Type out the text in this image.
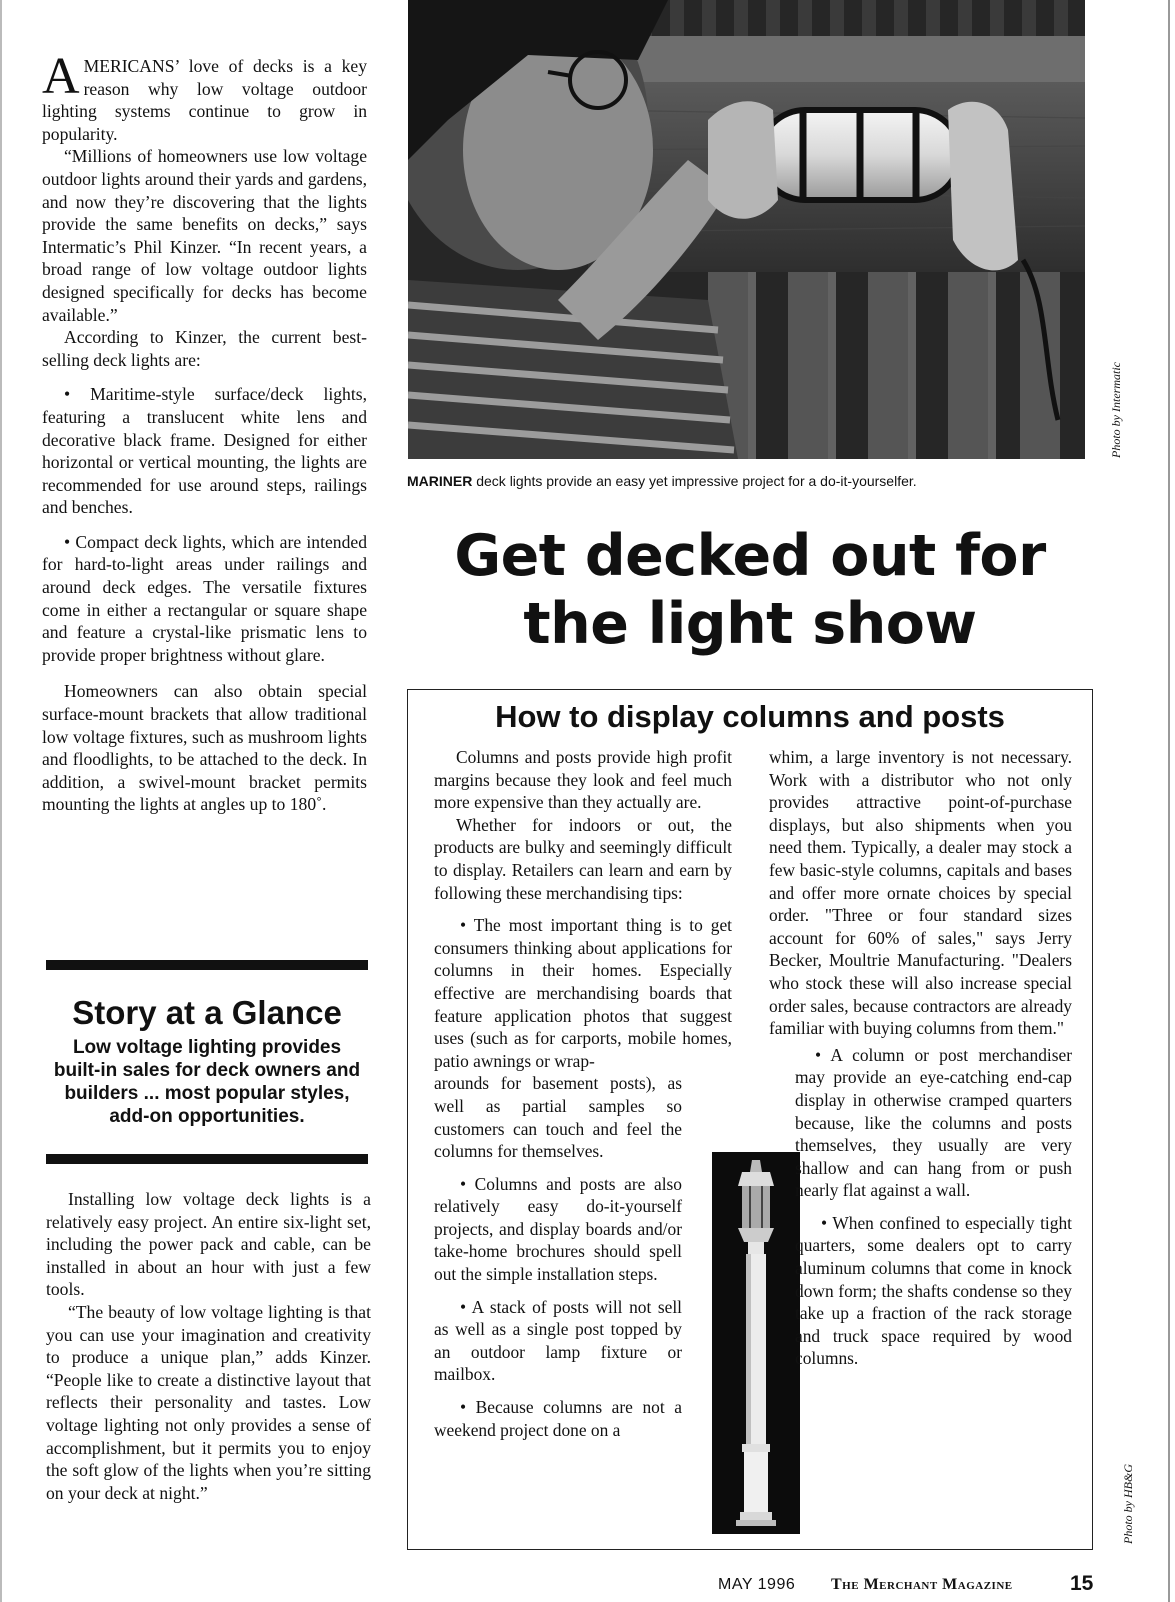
AMERICANS’ love of decks is a key reason why low voltage outdoor lighting systems continue to grow in popularity.

“Millions of homeowners use low voltage outdoor lights around their yards and gardens, and now they’re discovering that the lights provide the same benefits on decks,” says Intermatic’s Phil Kinzer. “In recent years, a broad range of low voltage outdoor lights designed specifically for decks has become available.”

According to Kinzer, the current best-selling deck lights are:

• Maritime-style surface/deck lights, featuring a translucent white lens and decorative black frame. Designed for either horizontal or vertical mounting, the lights are recommended for use around steps, railings and benches.

• Compact deck lights, which are intended for hard-to-light areas under railings and around deck edges. The versatile fixtures come in either a rectangular or square shape and feature a crystal-like prismatic lens to provide proper brightness without glare.

Homeowners can also obtain special surface-mount brackets that allow traditional low voltage fixtures, such as mushroom lights and floodlights, to be attached to the deck. In addition, a swivel-mount bracket permits mounting the lights at angles up to 180˚.

Story at a Glance
Low voltage lighting provides built-in sales for deck owners and builders ... most popular styles, add-on opportunities.

Installing low voltage deck lights is a relatively easy project. An entire six-light set, including the power pack and cable, can be installed in about an hour with just a few tools.

“The beauty of low voltage lighting is that you can use your imagination and creativity to produce a unique plan,” adds Kinzer. “People like to create a distinctive layout that reflects their personality and tastes. Low voltage lighting not only provides a sense of accomplishment, but it permits you to enjoy the soft glow of the lights when you’re sitting on your deck at night.”

Photo by Intermatic
MARINER deck lights provide an easy yet impressive project for a do-it-yourselfer.
Get decked out for
the light show
How to display columns and posts

Columns and posts provide high profit margins because they look and feel much more expensive than they actually are.

Whether for indoors or out, the products are bulky and seemingly difficult to display. Retailers can learn and earn by following these merchandising tips:

• The most important thing is to get consumers thinking about applications for columns in their homes. Especially effective are merchandising boards that feature application photos that suggest uses (such as for carports, mobile homes, patio awnings or wrap-

arounds for basement posts), as well as partial samples so customers can touch and feel the columns for themselves.

• Columns and posts are also relatively easy do-it-yourself projects, and display boards and/or take-home brochures should spell out the simple installation steps.

• A stack of posts will not sell as well as a single post topped by an outdoor lamp fixture or mailbox.

• Because columns are not a weekend project done on a

whim, a large inventory is not necessary. Work with a distributor who not only provides attractive point-of-purchase displays, but also shipments when you need them. Typically, a dealer may stock a few basic-style columns, capitals and bases and offer more ornate choices by special order. "Three or four standard sizes account for 60% of sales," says Jerry Becker, Moultrie Manufacturing. "Dealers who stock these will also increase special order sales, because contractors are already familiar with buying columns from them."

• A column or post merchandiser may provide an eye-catching end-cap display in otherwise cramped quarters because, like the columns and posts themselves, they usually are very shallow and can hang from or push nearly flat against a wall.

• When confined to especially tight quarters, some dealers opt to carry aluminum columns that come in knock down form; the shafts condense so they take up a fraction of the rack storage and truck space required by wood columns.

Photo by HB&G
MAY 1996 The Merchant Magazine	15
